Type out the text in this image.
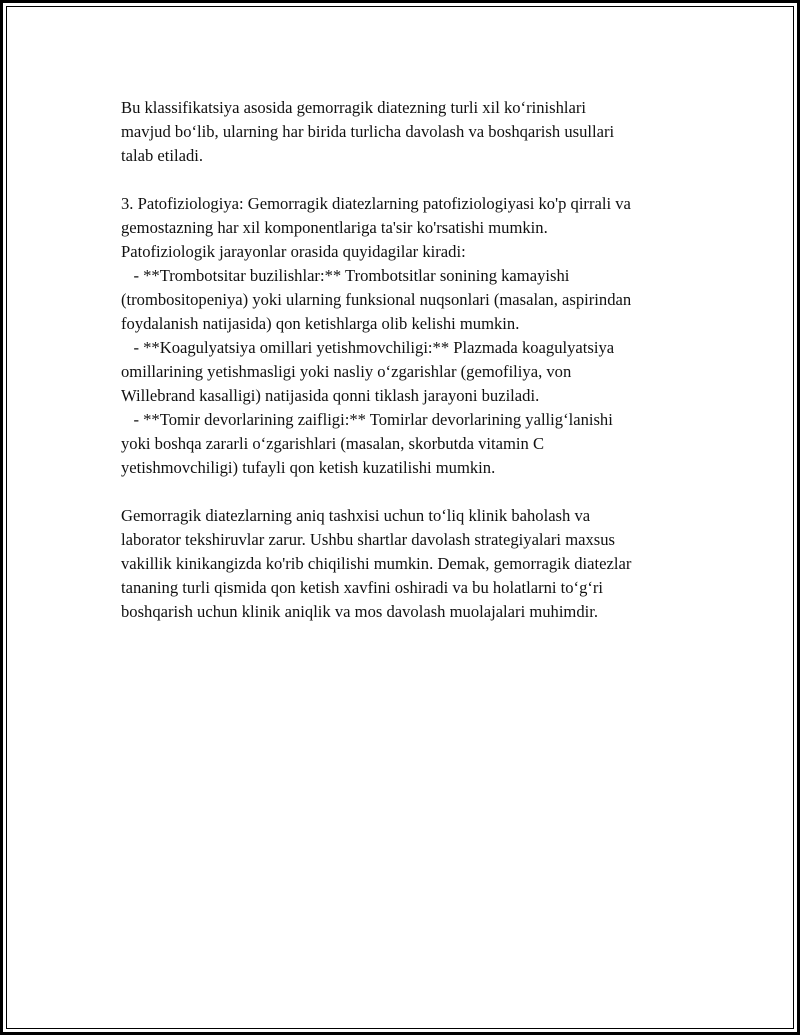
Bu klassifikatsiya asosida gemorragik diatezning turli xil ko‘rinishlari
mavjud bo‘lib, ularning har birida turlicha davolash va boshqarish usullari
talab etiladi.
3. Patofiziologiya: Gemorragik diatezlarning patofiziologiyasi ko'p qirrali va
gemostazning har xil komponentlariga ta'sir ko'rsatishi mumkin.
Patofiziologik jarayonlar orasida quyidagilar kiradi:
- **Trombotsitar buzilishlar:** Trombotsitlar sonining kamayishi
(trombositopeniya) yoki ularning funksional nuqsonlari (masalan, aspirindan
foydalanish natijasida) qon ketishlarga olib kelishi mumkin.
- **Koagulyatsiya omillari yetishmovchiligi:** Plazmada koagulyatsiya
omillarining yetishmasligi yoki nasliy o‘zgarishlar (gemofiliya, von
Willebrand kasalligi) natijasida qonni tiklash jarayoni buziladi.
- **Tomir devorlarining zaifligi:** Tomirlar devorlarining yallig‘lanishi
yoki boshqa zararli o‘zgarishlari (masalan, skorbutda vitamin C
yetishmovchiligi) tufayli qon ketish kuzatilishi mumkin.
Gemorragik diatezlarning aniq tashxisi uchun to‘liq klinik baholash va
laborator tekshiruvlar zarur. Ushbu shartlar davolash strategiyalari maxsus
vakillik kinikangizda ko'rib chiqilishi mumkin. Demak, gemorragik diatezlar
tananing turli qismida qon ketish xavfini oshiradi va bu holatlarni to‘g‘ri
boshqarish uchun klinik aniqlik va mos davolash muolajalari muhimdir.
